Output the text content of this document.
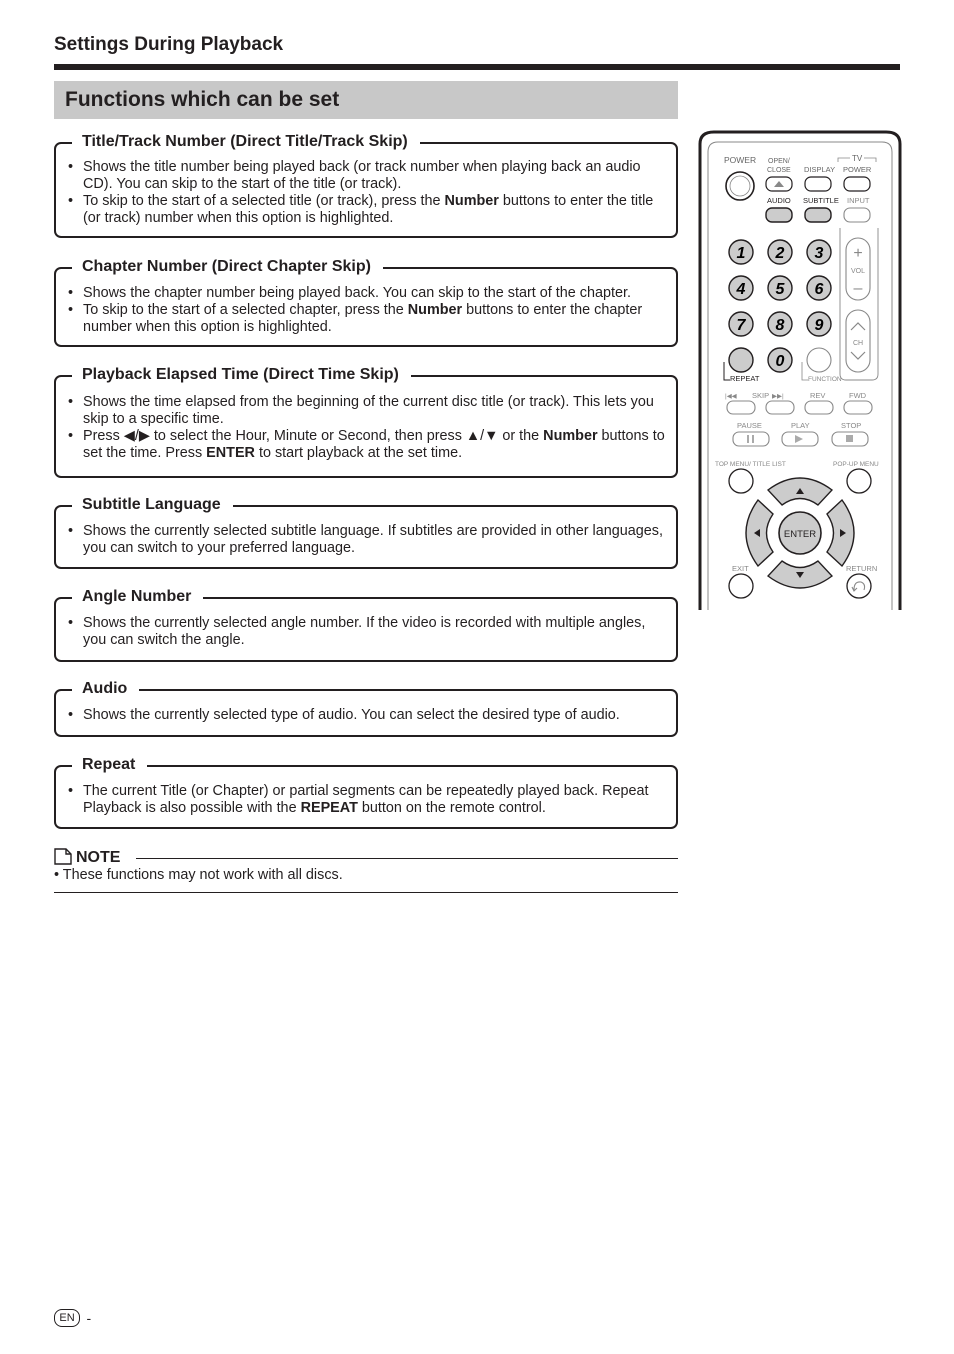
Settings During Playback
Functions which can be set
Title/Track Number (Direct Title/Track Skip)
• Shows the title number being played back (or track number when playing back an audio CD). You can skip to the start of the title (or track).
• To skip to the start of a selected title (or track), press the Number buttons to enter the title (or track) number when this option is highlighted.
Chapter Number (Direct Chapter Skip)
• Shows the chapter number being played back. You can skip to the start of the chapter.
• To skip to the start of a selected chapter, press the Number buttons to enter the chapter number when this option is highlighted.
Playback Elapsed Time (Direct Time Skip)
• Shows the time elapsed from the beginning of the current disc title (or track). This lets you skip to a specific time.
• Press ◀/▶ to select the Hour, Minute or Second, then press ▲/▼ or the Number buttons to set the time. Press ENTER to start playback at the set time.
Subtitle Language
• Shows the currently selected subtitle language. If subtitles are provided in other languages, you can switch to your preferred language.
Angle Number
• Shows the currently selected angle number. If the video is recorded with multiple angles, you can switch the angle.
Audio
• Shows the currently selected type of audio. You can select the desired type of audio.
Repeat
• The current Title (or Chapter) or partial segments can be repeatedly played back. Repeat Playback is also possible with the REPEAT button on the remote control.
NOTE
• These functions may not work with all discs.
POWER OPEN/
CLOSE DISPLAY
TV
POWER
AUDIO SUBTITLE INPUT
1 2 3
4 5 6
7 8 9
0
REPEAT	FUNCTION
+
VOL
–
CH
|◀◀ SKIP ▶▶|	REV	FWD
PAUSE	PLAY	STOP
TOP MENU/ TITLE LIST	POP-UP MENU
ENTER
EXIT	RETURN
EN -
